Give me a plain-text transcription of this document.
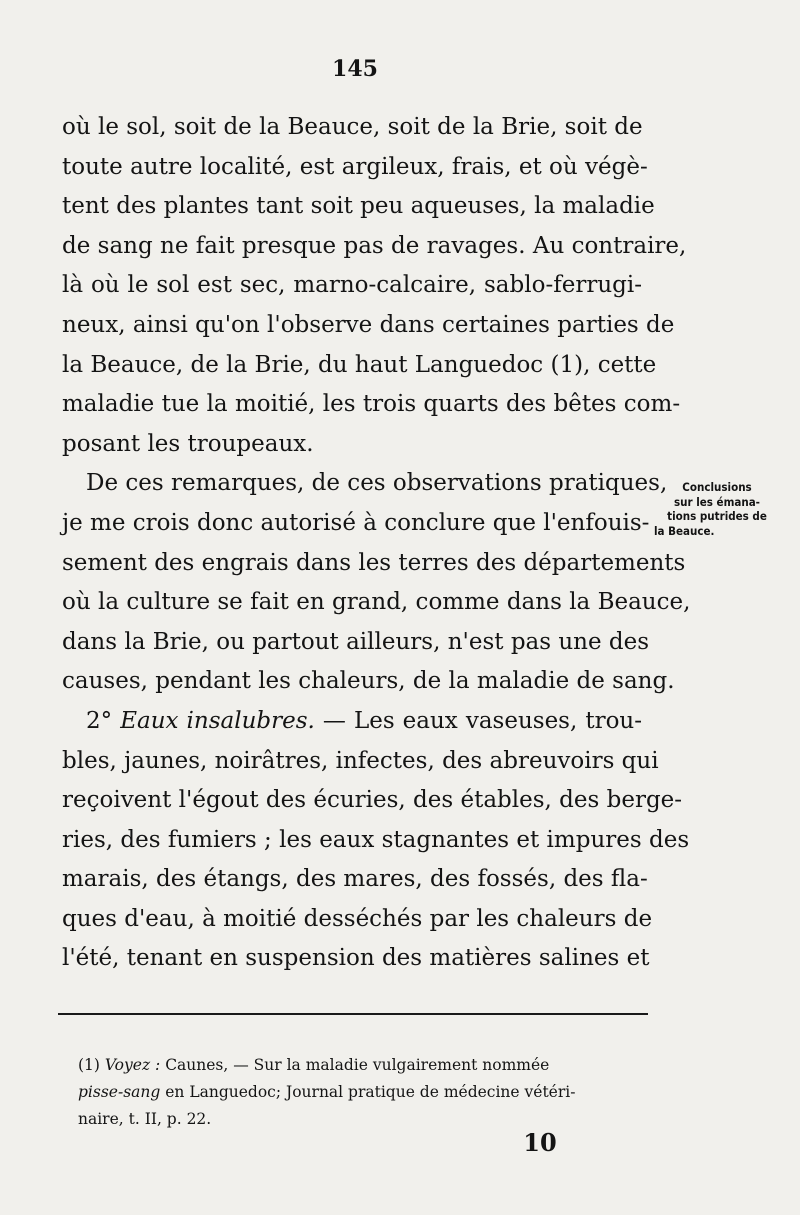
145
où le sol, soit de la Beauce, soit de la Brie, soit de
toute autre localité, est argileux, frais, et où végè-
tent des plantes tant soit peu aqueuses, la maladie
de sang ne fait presque pas de ravages. Au contraire,
là où le sol est sec, marno-calcaire, sablo-ferrugi-
neux, ainsi qu'on l'observe dans certaines parties de
la Beauce, de la Brie, du haut Languedoc (1), cette
maladie tue la moitié, les trois quarts des bêtes com-
posant les troupeaux.
De ces remarques, de ces observations pratiques,
je me crois donc autorisé à conclure que l'enfouis-
sement des engrais dans les terres des départements
où la culture se fait en grand, comme dans la Beauce,
dans la Brie, ou partout ailleurs, n'est pas une des
causes, pendant les chaleurs, de la maladie de sang.
2° Eaux insalubres. — Les eaux vaseuses, trou-
bles, jaunes, noirâtres, infectes, des abreuvoirs qui
reçoivent l'égout des écuries, des étables, des berge-
ries, des fumiers ; les eaux stagnantes et impures des
marais, des étangs, des mares, des fossés, des fla-
ques d'eau, à moitié desséchés par les chaleurs de
l'été, tenant en suspension des matières salines et
Conclusions
sur les émana-
tions putrides de
la Beauce.
(1) Voyez : Caunes, — Sur la maladie vulgairement nommée
pisse-sang en Languedoc; Journal pratique de médecine vétéri-
naire, t. II, p. 22.
10
